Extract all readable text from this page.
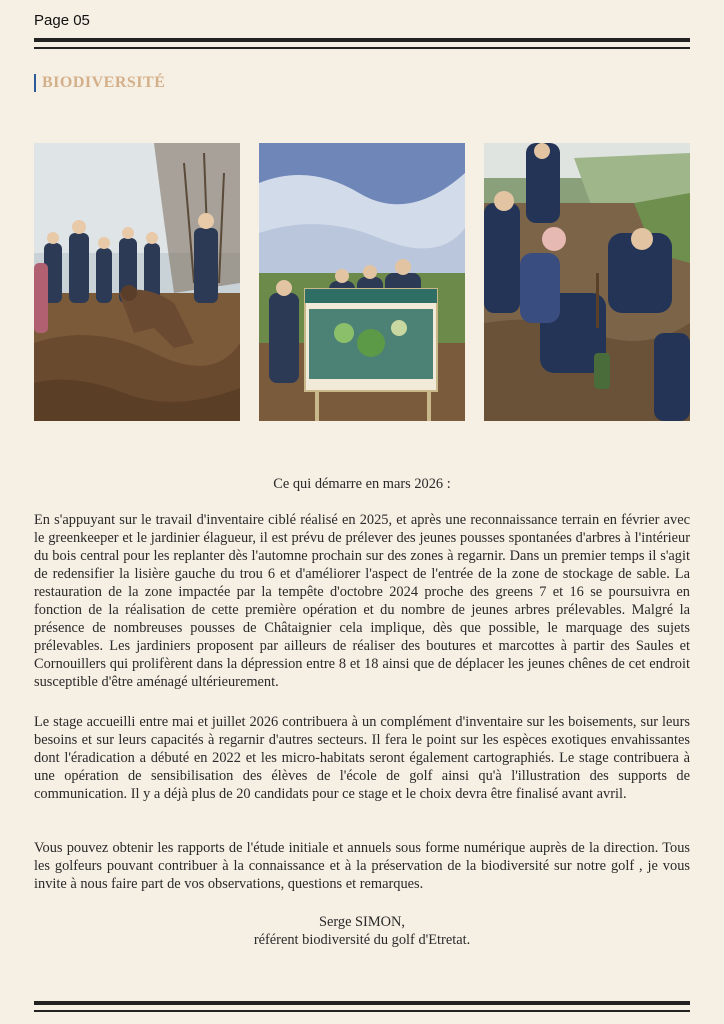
Page 05
BIODIVERSITÉ
Ce qui démarre en mars 2026 :
En s'appuyant sur le travail d'inventaire ciblé réalisé en 2025, et après une reconnaissance terrain en février avec le greenkeeper et le jardinier élagueur, il est prévu de prélever des jeunes pousses spontanées d'arbres à l'intérieur du bois central pour les replanter dès l'automne prochain sur des zones à regarnir. Dans un premier temps il s'agit de redensifier la lisière gauche du trou 6 et d'améliorer l'aspect de l'entrée de la zone de stockage de sable. La restauration de la zone impactée par la tempête d'octobre 2024 proche des greens 7 et 16 se poursuivra en fonction de la réalisation de cette première opération et du nombre de jeunes arbres prélevables. Malgré la présence de nombreuses pousses de Châtaignier cela implique, dès que possible, le marquage des sujets prélevables. Les jardiniers proposent par ailleurs de réaliser des boutures et marcottes à partir des Saules et Cornouillers qui prolifèrent dans la dépression entre 8 et 18 ainsi que de déplacer les jeunes chênes de cet endroit susceptible d'être aménagé ultérieurement.
Le stage accueilli entre mai et juillet 2026 contribuera à un complément d'inventaire sur les boisements, sur leurs besoins et sur leurs capacités à regarnir d'autres secteurs. Il fera le point sur les espèces exotiques envahissantes dont l'éradication a débuté en 2022 et les micro-habitats seront également cartographiés. Le stage contribuera à une opération de sensibilisation des élèves de l'école de golf ainsi qu'à l'illustration des supports de communication. Il y a déjà plus de 20 candidats pour ce stage et le choix devra être finalisé avant avril.
Vous pouvez obtenir les rapports de l'étude initiale et annuels sous forme numérique auprès de la direction. Tous les golfeurs pouvant contribuer à la connaissance et à la préservation de la biodiversité sur notre golf , je vous invite à nous faire part de vos observations, questions et remarques.
Serge SIMON,
référent biodiversité du golf d'Etretat.
